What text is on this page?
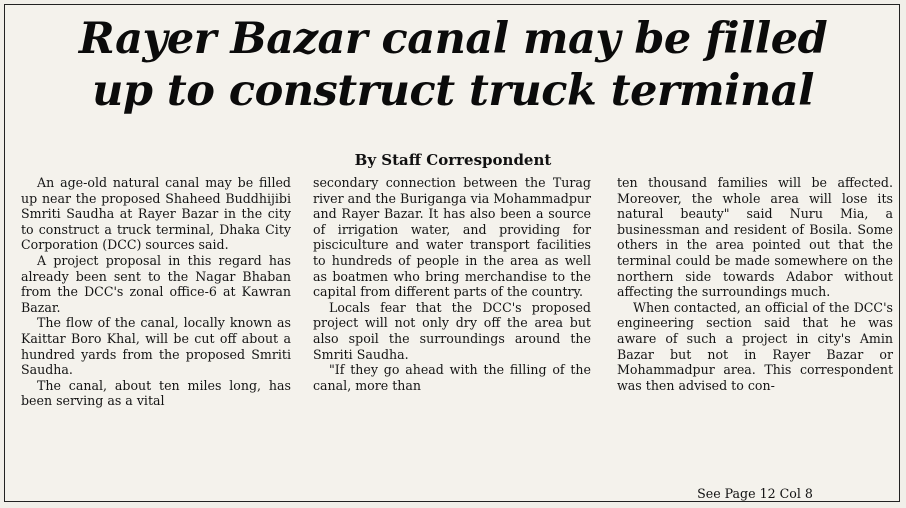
Rayer Bazar canal may be filled
up to construct truck terminal
By Staff Correspondent

An age-old natural canal may be filled up near the proposed Shaheed Buddhijibi Smriti Saudha at Rayer Bazar in the city to construct a truck terminal, Dhaka City Corporation (DCC) sources said.

A project proposal in this regard has already been sent to the Nagar Bhaban from the DCC's zonal office-6 at Kawran Bazar.

The flow of the canal, locally known as Kaittar Boro Khal, will be cut off about a hundred yards from the proposed Smriti Saudha.

The canal, about ten miles long, has been serving as a vital

secondary connection between the Turag river and the Buriganga via Mohammadpur and Rayer Bazar. It has also been a source of irrigation water, and providing for pisciculture and water transport facilities to hundreds of people in the area as well as boatmen who bring merchandise to the capital from different parts of the country.

Locals fear that the DCC's proposed project will not only dry off the area but also spoil the surroundings around the Smriti Saudha.

"If they go ahead with the filling of the canal, more than

ten thousand families will be affected. Moreover, the whole area will lose its natural beauty" said Nuru Mia, a businessman and resident of Bosila. Some others in the area pointed out that the terminal could be made somewhere on the northern side towards Adabor without affecting the surroundings much.

When contacted, an official of the DCC's engineering section said that he was aware of such a project in city's Amin Bazar but not in Rayer Bazar or Mohammadpur area. This correspondent was then advised to con-

See Page 12 Col 8
